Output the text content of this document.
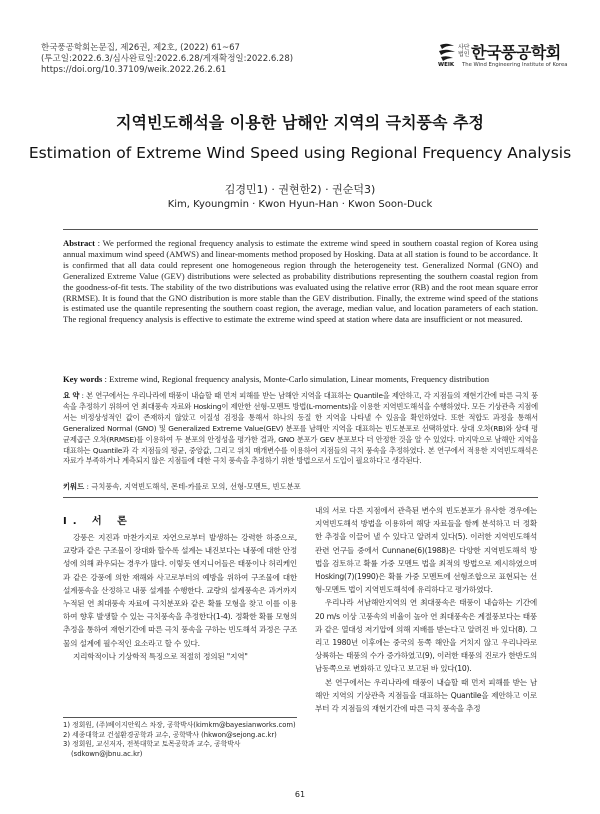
한국풍공학회논문집, 제26권, 제2호, (2022) 61~67
(투고일:2022.6.3/심사완료일:2022.6.28/게재확정일:2022.6.28)
https://doi.org/10.37109/weik.2022.26.2.61
사단
법인 한국풍공학회
WEIK The Wind Engineering Institute of Korea
지역빈도해석을 이용한 남해안 지역의 극치풍속 추정
Estimation of Extreme Wind Speed using Regional Frequency Analysis
김경민1) · 권현한2) · 권순덕3)
Kim, Kyoungmin · Kwon Hyun-Han · Kwon Soon-Duck
Abstract : We performed the regional frequency analysis to estimate the extreme wind speed in southern coastal region of Korea using annual maximum wind speed (AMWS) and linear-moments method proposed by Hosking. Data at all station is found to be accordance. It is confirmed that all data could represent one homogeneous region through the heterogeneity test. Generalized Normal (GNO) and Generalized Extreme Value (GEV) distributions were selected as probability distributions representing the southern coastal region from the goodness-of-fit tests. The stability of the two distributions was evaluated using the relative error (RB) and the root mean square error (RRMSE). It is found that the GNO distribution is more stable than the GEV distribution. Finally, the extreme wind speed of the stations is estimated use the quantile representing the southern coast region, the average, median value, and location parameters of each station. The regional frequency analysis is effective to estimate the extreme wind speed at station where data are insufficient or not measured.
Key words : Extreme wind, Regional frequency analysis, Monte-Carlo simulation, Linear moments, Frequency distribution
요 약 : 본 연구에서는 우리나라에 태풍이 내습할 때 먼저 피해를 받는 남해안 지역을 대표하는 Quantile을 제안하고, 각 지점들의 재현기간에 따른 극치 풍속을 추정하기 위하여 연 최대풍속 자료와 Hosking이 제안한 선형-모멘트 방법(L-moments)을 이용한 지역빈도해석을 수행하였다. 모든 기상관측 지점에서는 비정상성적인 값이 존재하지 않았고 이질성 검정을 통해서 하나의 동질 한 지역을 나타낼 수 있음을 확인하였다. 또한 적합도 과정을 통해서 Generalized Normal (GNO) 및 Generalized Extreme Value(GEV) 분포를 남해안 지역을 대표하는 빈도분포로 선택하였다. 상대 오차(RB)와 상대 평균제곱근 오차(RRMSE)를 이용하여 두 분포의 안정성을 평가한 결과, GNO 분포가 GEV 분포보다 더 안정한 것을 알 수 있었다. 마지막으로 남해안 지역을 대표하는 Quantile과 각 지점들의 평균, 중앙값, 그리고 위치 매개변수를 이용하여 지점들의 극치 풍속을 추정하였다. 본 연구에서 적용한 지역빈도해석은 자료가 부족하거나 계측되지 않은 지점들에 대한 극치 풍속을 추정하기 위한 방법으로서 도입이 필요하다고 생각된다.
키워드 : 극치풍속, 지역빈도해석, 몬테-카를로 모의, 선형-모멘트, 빈도분포
I. 서 론

강풍은 지진과 마찬가지로 자연으로부터 발생하는 강력한 하중으로, 교량과 같은 구조물이 장대화 할수록 설계는 내진보다는 내풍에 대한 안정성에 의해 좌우되는 경우가 많다. 이렇듯 엔지니어들은 태풍이나 허리케인과 같은 강풍에 의한 재해와 사고로부터의 예방을 위하여 구조물에 대한 설계풍속을 산정하고 내풍 설계를 수행한다. 교량의 설계풍속은 과거까지 누적된 연 최대풍속 자료에 극치분포와 같은 확률 모형을 찾고 이를 이용하여 향후 발생할 수 있는 극치풍속을 추정한다(1-4). 정확한 확률 모형의 추정을 통하여 재현기간에 따른 극치 풍속을 구하는 빈도해석 과정은 구조물의 설계에 필수적인 요소라고 할 수 있다.

지리학적이나 기상학적 특징으로 적절히 정의된 "지역"

1) 정회원, (주)베이지안웍스 차장, 공학박사(kimkm@bayesianworks.com)
2) 세종대학교 건설환경공학과 교수, 공학박사 (hkwon@sejong.ac.kr)
3) 정회원, 교신저자, 전북대학교 토목공학과 교수, 공학박사
(sdkown@jbnu.ac.kr)

내의 서로 다른 지점에서 관측된 변수의 빈도분포가 유사한 경우에는 지역빈도해석 방법을 이용하여 해당 자료들을 함께 분석하고 더 정확한 추정을 이끌어 낼 수 있다고 알려져 있다(5). 이러한 지역빈도해석 관련 연구들 중에서 Cunnane(6)(1988)은 다양한 지역빈도해석 방법을 검토하고 확률 가중 모멘트 법을 최적의 방법으로 제시하였으며 Hosking(7)(1990)은 확률 가중 모멘트에 선형조합으로 표현되는 선형-모멘트 법이 지역빈도해석에 유리하다고 평가하였다.

우리나라 서남해안지역의 연 최대풍속은 태풍이 내습하는 기간에 20 m/s 이상 고풍속의 비율이 높아 연 최대풍속은 계절풍보다는 태풍과 같은 열대성 저기압에 의해 지배를 받는다고 알려진 바 있다(8). 그리고 1980년 이후에는 중국의 동쪽 해안을 거치지 않고 우리나라로 상륙하는 태풍의 수가 증가하였고(9), 이러한 태풍의 진로가 한반도의 남동쪽으로 변화하고 있다고 보고된 바 있다(10).

본 연구에서는 우리나라에 태풍이 내습할 때 먼저 피해를 받는 남해안 지역의 기상관측 지점들을 대표하는 Quantile을 제안하고 이로부터 각 지점들의 재현기간에 따른 극치 풍속을 추정

61
